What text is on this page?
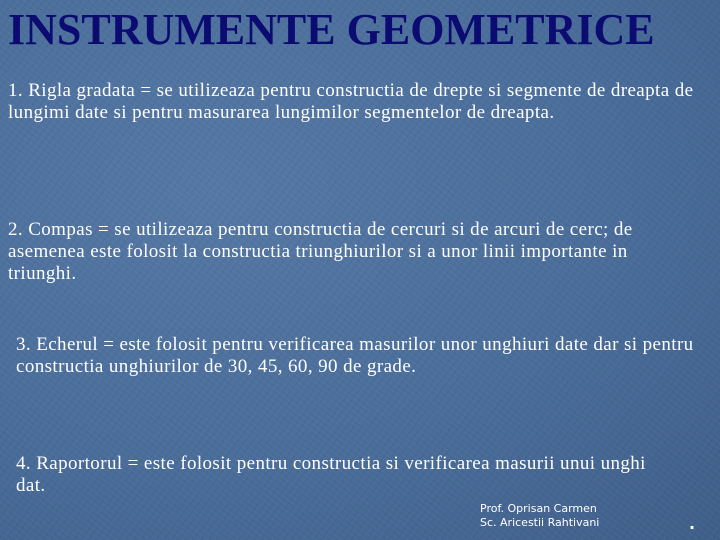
INSTRUMENTE GEOMETRICE

1. Rigla gradata = se utilizeaza pentru constructia de drepte si segmente de dreapta de lungimi date si pentru masurarea lungimilor segmentelor de dreapta.

2. Compas = se utilizeaza pentru constructia de cercuri si de arcuri de cerc; de asemenea este folosit la constructia triunghiurilor si a unor linii importante in triunghi.

3. Echerul = este folosit pentru verificarea masurilor unor unghiuri date dar si pentru constructia unghiurilor de 30, 45, 60, 90 de grade.

4. Raportorul = este folosit pentru constructia si verificarea masurii unui unghi dat.

Prof. Oprisan Carmen
Sc. Aricestii Rahtivani	.
